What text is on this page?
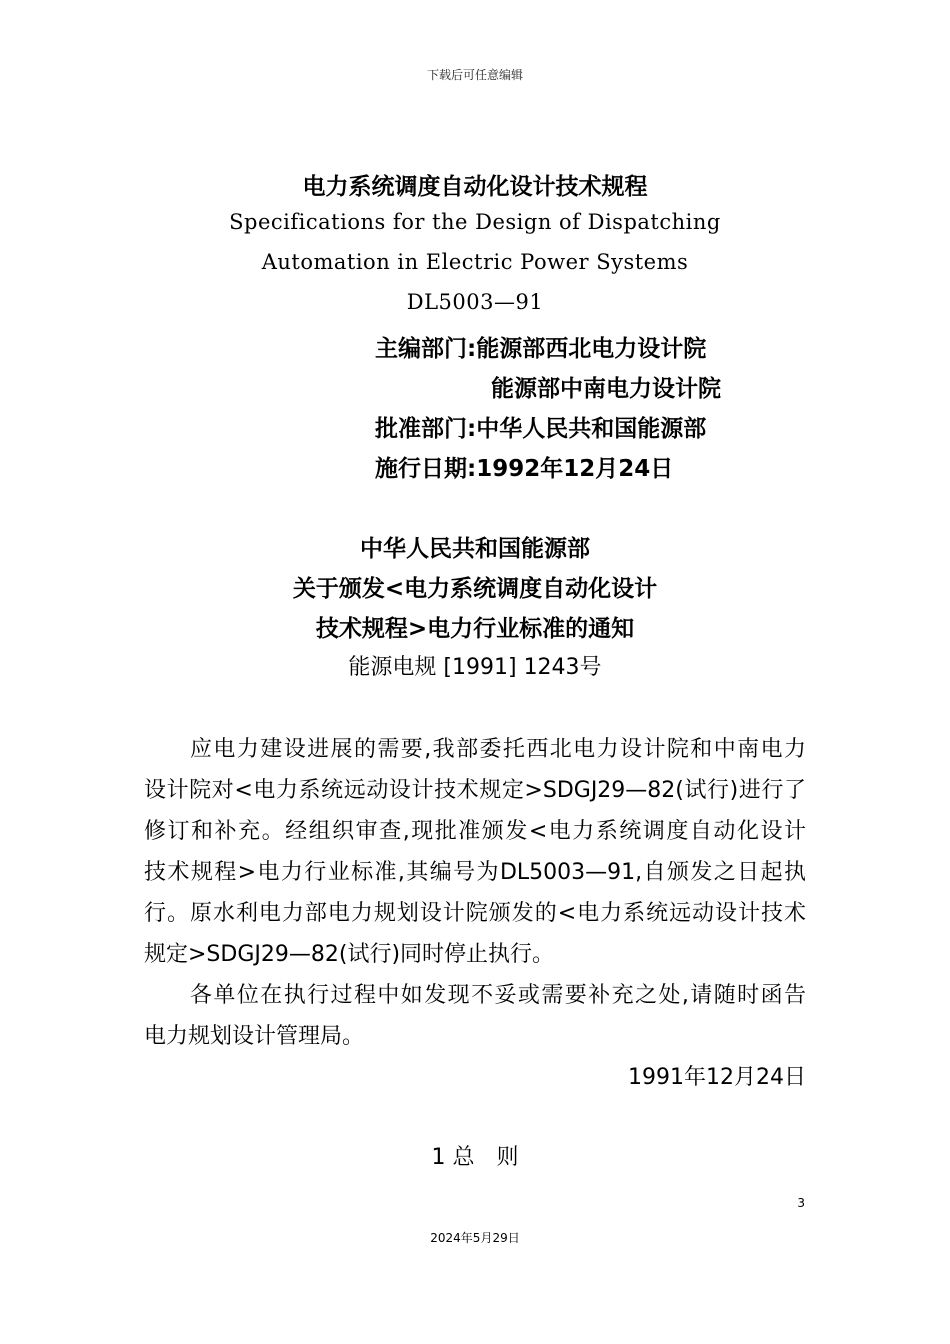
下载后可任意编辑
电力系统调度自动化设计技术规程
Specifications for the Design of Dispatching
Automation in Electric Power Systems
DL5003—91
主编部门:能源部西北电力设计院
能源部中南电力设计院
批准部门:中华人民共和国能源部
施行日期:1992年12月24日
中华人民共和国能源部
关于颁发<电力系统调度自动化设计
技术规程>电力行业标准的通知
能源电规 [1991] 1243号
应电力建设进展的需要,我部委托西北电力设计院和中南电力
设计院对<电力系统远动设计技术规定>SDGJ29—82(试行)进行了
修订和补充。经组织审查,现批准颁发<电力系统调度自动化设计
技术规程>电力行业标准,其编号为DL5003—91,自颁发之日起执
行。原水利电力部电力规划设计院颁发的<电力系统远动设计技术
规定>SDGJ29—82(试行)同时停止执行。
各单位在执行过程中如发现不妥或需要补充之处,请随时函告
电力规划设计管理局。
1991年12月24日
1 总　则
3
2024年5月29日
